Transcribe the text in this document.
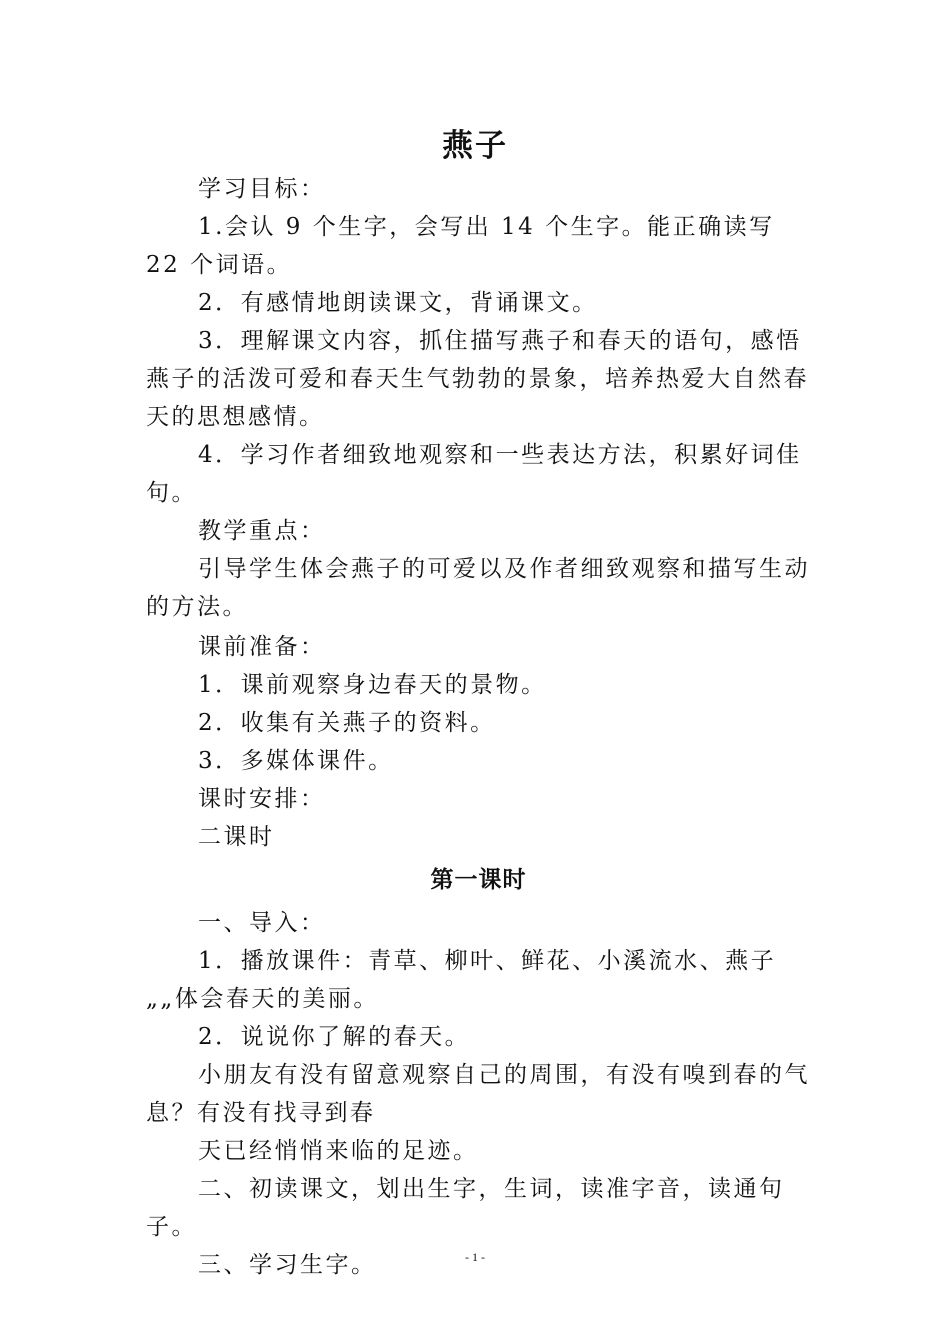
燕子

学习目标：

1.会认 9 个生字，会写出 14 个生字。能正确读写 22 个词语。

2．有感情地朗读课文，背诵课文。

3．理解课文内容，抓住描写燕子和春天的语句，感悟燕子的活泼可爱和春天生气勃勃的景象，培养热爱大自然春天的思想感情。

4．学习作者细致地观察和一些表达方法，积累好词佳句。

教学重点：

引导学生体会燕子的可爱以及作者细致观察和描写生动的方法。

课前准备：

1．课前观察身边春天的景物。

2．收集有关燕子的资料。

3．多媒体课件。

课时安排：

二课时

第一课时

一、导入：

1．播放课件：青草、柳叶、鲜花、小溪流水、燕子„„体会春天的美丽。

2．说说你了解的春天。

小朋友有没有留意观察自己的周围，有没有嗅到春的气息？有没有找寻到春

天已经悄悄来临的足迹。

二、初读课文，划出生字，生词，读准字音，读通句子。

三、学习生字。	- 1 -
